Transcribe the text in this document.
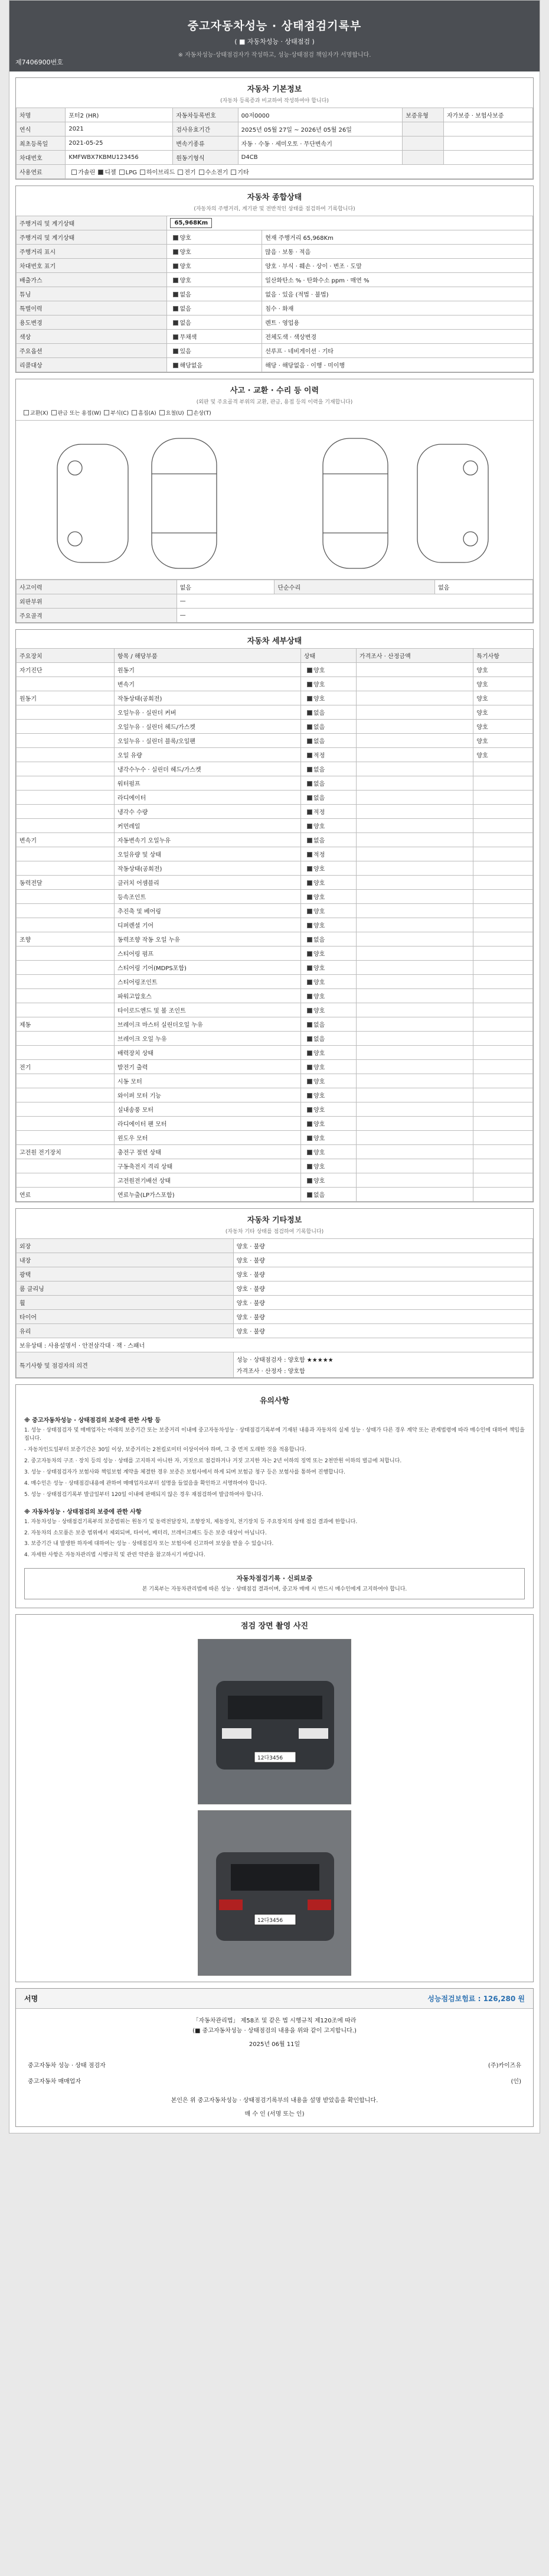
중고자동차성능 · 상태점검기록부
( ■ 자동차성능 · 상태점검 )
※ 자동차성능·상태점검자가 작성하고, 성능·상태점검 책임자가 서명합니다.
제7406900번호
자동차 기본정보
(자동차 등록증과 비교하여 작성하여야 합니다)
차명	포터2 (HR)	자동차등록번호	00저0000	보증유형	자가보증 · 보험사보증
연식	2021	검사유효기간	2025년 05월 27일 ~ 2026년 05월 26일		
최초등록일	2021-05-25	변속기종류	자동 · 수동 · 세미오토 · 무단변속기		
차대번호	KMFWBX7KBMU123456	원동기형식	D4CB		
사용연료	가솔린 디젤 LPG 하이브리드 전기 수소전기 기타				
자동차 종합상태
(자동차의 주행거리, 계기판 및 전반적인 상태를 점검하여 기록합니다)
주행거리 및 계기상태	65,968Km	
주행거리 및 계기상태	양호	현재 주행거리 65,968Km
주행거리 표시	양호	많음 · 보통 · 적음
차대번호 표기	양호	양호 · 부식 · 훼손 · 상이 · 변조 · 도말
배출가스	양호	일산화탄소 % · 탄화수소 ppm · 매연 %
튜닝	없음	없음 · 있음 (적법 · 불법)
특별이력	없음	침수 · 화재
용도변경	없음	렌트 · 영업용
색상	무채색	전체도색 · 색상변경
주요옵션	있음	선루프 · 네비게이션 · 기타
리콜대상	해당없음	해당 · 해당없음 · 이행 · 미이행
사고 · 교환 · 수리 등 이력
(외판 및 주요골격 부위의 교환, 판금, 용접 등의 이력을 기재합니다)
교환(X) 판금 또는 용접(W) 부식(C) 흠집(A) 요철(U) 손상(T)
사고이력	없음	단순수리	없음
외판부위	—		
주요골격	—		
자동차 세부상태
주요장치	항목 / 해당부품	상태	가격조사 · 산정금액	특기사항
자기진단	원동기	양호		양호
	변속기	양호		양호
원동기	작동상태(공회전)	양호		양호
	오일누유 · 실린더 커버	없음		양호
	오일누유 · 실린더 헤드/가스켓	없음		양호
	오일누유 · 실린더 블록/오일팬	없음		양호
	오일 유량	적정		양호
	냉각수누수 · 실린더 헤드/가스켓	없음		
	워터펌프	없음		
	라디에이터	없음		
	냉각수 수량	적정		
	커먼레일	양호		
변속기	자동변속기 오일누유	없음		
	오일유량 및 상태	적정		
	작동상태(공회전)	양호		
동력전달	클러치 어셈블리	양호		
	등속조인트	양호		
	추진축 및 베어링	양호		
	디퍼렌셜 기어	양호		
조향	동력조향 작동 오일 누유	없음		
	스티어링 펌프	양호		
	스티어링 기어(MDPS포함)	양호		
	스티어링조인트	양호		
	파워고압호스	양호		
	타이로드엔드 및 볼 조인트	양호		
제동	브레이크 마스터 실린더오일 누유	없음		
	브레이크 오일 누유	없음		
	배력장치 상태	양호		
전기	발전기 출력	양호		
	시동 모터	양호		
	와이퍼 모터 기능	양호		
	실내송풍 모터	양호		
	라디에이터 팬 모터	양호		
	윈도우 모터	양호		
고전원 전기장치	충전구 절연 상태	양호		
	구동축전지 격리 상태	양호		
	고전원전기배선 상태	양호		
연료	연료누출(LP가스포함)	없음		
자동차 기타정보
(자동차 기타 상태를 점검하여 기록합니다)
외장	양호 · 불량
내장	양호 · 불량
광택	양호 · 불량
룸 클리닝	양호 · 불량
휠	양호 · 불량
타이어	양호 · 불량
유리	양호 · 불량
보유상태 : 사용설명서 · 안전삼각대 · 잭 · 스패너	
특기사항 및 점검자의 의견	성능 · 상태점검자 : 양호함 ★★★★★
가격조사 · 산정자 : 양호함
유의사항
※ 중고자동차성능 · 상태점검의 보증에 관한 사항 등

1. 성능 · 상태점검자 및 매매업자는 아래의 보증기간 또는 보증거리 이내에 중고자동차성능 · 상태점검기록부에 기재된 내용과 자동차의 실제 성능 · 상태가 다른 경우 계약 또는 관계법령에 따라 매수인에 대하여 책임을 집니다.

- 자동차인도일부터 보증기간은 30일 이상, 보증거리는 2천킬로미터 이상이어야 하며, 그 중 먼저 도래한 것을 적용합니다.

2. 중고자동차의 구조 · 장치 등의 성능 · 상태를 고지하지 아니한 자, 거짓으로 점검하거나 거짓 고지한 자는 2년 이하의 징역 또는 2천만원 이하의 벌금에 처합니다.

3. 성능 · 상태점검자가 보험사와 책임보험 계약을 체결한 경우 보증은 보험사에서 하게 되며 보험금 청구 등은 보험사를 통하여 진행합니다.

4. 매수인은 성능 · 상태점검내용에 관하여 매매업자로부터 설명을 들었음을 확인하고 서명하여야 합니다.

5. 성능 · 상태점검기록부 발급일부터 120일 이내에 판매되지 않은 경우 재점검하여 발급하여야 합니다.

※ 자동차성능 · 상태점검의 보증에 관한 사항

1. 자동차성능 · 상태점검기록부의 보증범위는 원동기 및 동력전달장치, 조향장치, 제동장치, 전기장치 등 주요장치의 상태 점검 결과에 한합니다.

2. 자동차의 소모품은 보증 범위에서 제외되며, 타이어, 배터리, 브레이크패드 등은 보증 대상이 아닙니다.

3. 보증기간 내 발생한 하자에 대하여는 성능 · 상태점검자 또는 보험사에 신고하여 보상을 받을 수 있습니다.

4. 자세한 사항은 자동차관리법 시행규칙 및 관련 약관을 참고하시기 바랍니다.

자동차점검기록 · 신뢰보증

본 기록부는 자동차관리법에 따른 성능 · 상태점검 결과이며, 중고차 매매 시 반드시 매수인에게 고지하여야 합니다.

점검 장면 촬영 사진
12다3456
12다3456
서명	성능점검보험료 : 126,280 원
「자동차관리법」 제58조 및 같은 법 시행규칙 제120조에 따라
(■ 중고자동차성능 · 상태점검의 내용을 위와 같이 고지합니다.)
2025년 06월 11일
중고자동차 성능 · 상태 점검자	(주)카이즈유
중고자동차 매매업자	(인)
본인은 위 중고자동차성능 · 상태점검기록부의 내용을 설명 받았음을 확인합니다.
매 수 인 (서명 또는 인)
